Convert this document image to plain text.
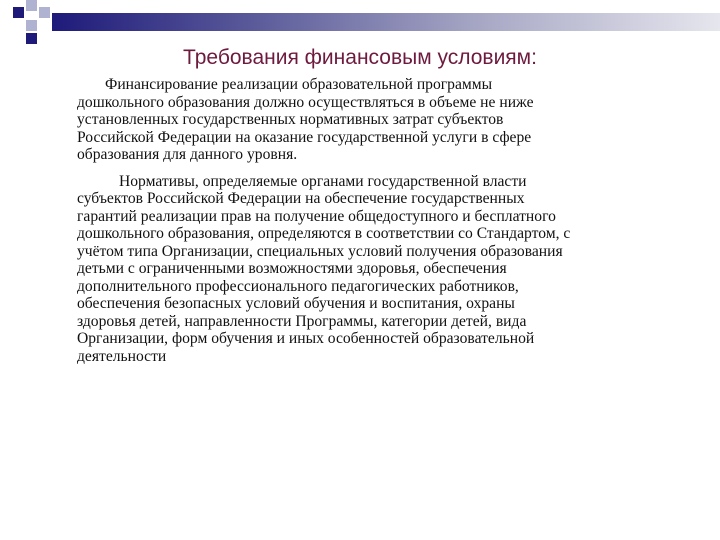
Требования финансовым условиям:
Финансирование реализации образовательной программы
дошкольного образования должно осуществляться в объеме не ниже
установленных государственных нормативных затрат субъектов
Российской Федерации на оказание государственной услуги в сфере
образования для данного уровня.
Нормативы, определяемые органами государственной власти
субъектов Российской Федерации на обеспечение государственных
гарантий реализации прав на получение общедоступного и бесплатного
дошкольного образования, определяются в соответствии со Стандартом, с
учётом типа Организации, специальных условий получения образования
детьми с ограниченными возможностями здоровья, обеспечения
дополнительного профессионального педагогических работников,
обеспечения безопасных условий обучения и воспитания, охраны
здоровья детей, направленности Программы, категории детей, вида
Организации, форм обучения и иных особенностей образовательной
деятельности
